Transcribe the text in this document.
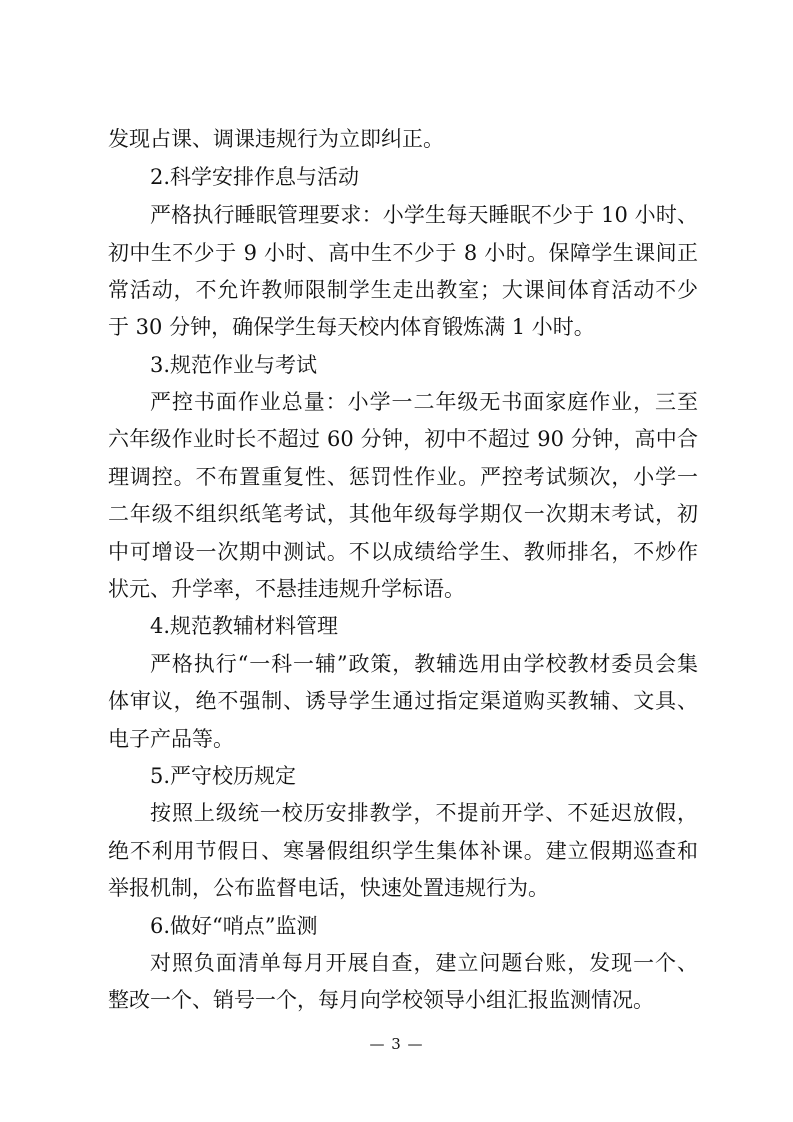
发现占课、调课违规行为立即纠正。
2.科学安排作息与活动
严格执行睡眠管理要求：小学生每天睡眠不少于 10 小时、
初中生不少于 9 小时、高中生不少于 8 小时。保障学生课间正
常活动，不允许教师限制学生走出教室；大课间体育活动不少
于 30 分钟，确保学生每天校内体育锻炼满 1 小时。
3.规范作业与考试
严控书面作业总量：小学一二年级无书面家庭作业，三至
六年级作业时长不超过 60 分钟，初中不超过 90 分钟，高中合
理调控。不布置重复性、惩罚性作业。严控考试频次，小学一
二年级不组织纸笔考试，其他年级每学期仅一次期末考试，初
中可增设一次期中测试。不以成绩给学生、教师排名，不炒作
状元、升学率，不悬挂违规升学标语。
4.规范教辅材料管理
严格执行“一科一辅”政策，教辅选用由学校教材委员会集
体审议，绝不强制、诱导学生通过指定渠道购买教辅、文具、
电子产品等。
5.严守校历规定
按照上级统一校历安排教学，不提前开学、不延迟放假，
绝不利用节假日、寒暑假组织学生集体补课。建立假期巡查和
举报机制，公布监督电话，快速处置违规行为。
6.做好“哨点”监测
对照负面清单每月开展自查，建立问题台账，发现一个、
整改一个、销号一个，每月向学校领导小组汇报监测情况。
— 3 —
